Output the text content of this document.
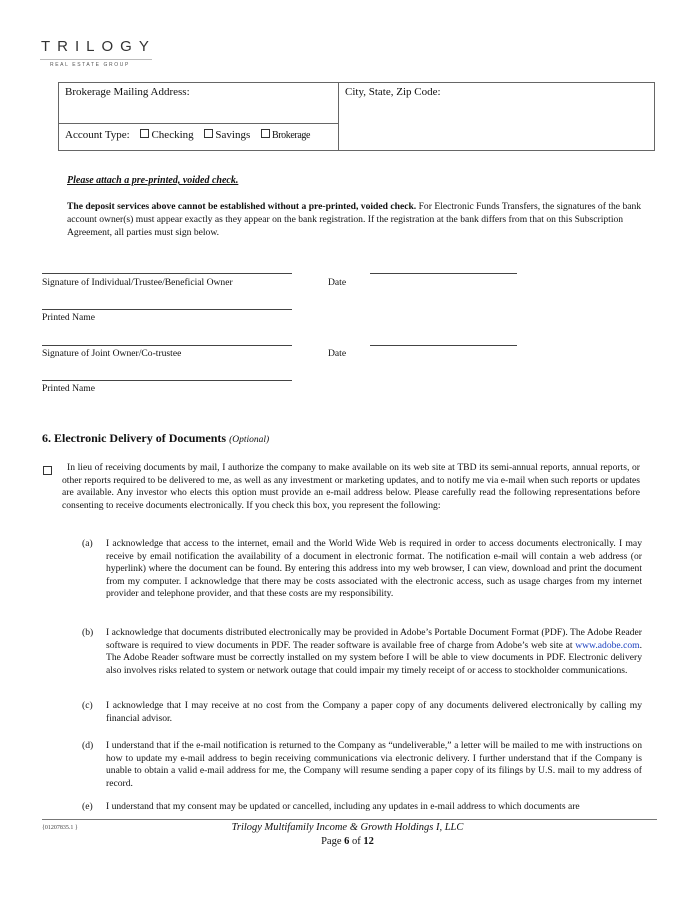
TRILOGY
REAL ESTATE GROUP
Brokerage Mailing Address:	City, State, Zip Code:
Account Type: Checking Savings Brokerage
Please attach a pre-printed, voided check.
The deposit services above cannot be established without a pre-printed, voided check. For Electronic Funds Transfers, the signatures of the bank account owner(s) must appear exactly as they appear on the bank registration. If the registration at the bank differs from that on this Subscription Agreement, all parties must sign below.
Signature of Individual/Trustee/Beneficial Owner	Date
Printed Name
Signature of Joint Owner/Co-trustee	Date
Printed Name
6. Electronic Delivery of Documents (Optional)
In lieu of receiving documents by mail, I authorize the company to make available on its web site at TBD its semi-annual reports, annual reports, or other reports required to be delivered to me, as well as any investment or marketing updates, and to notify me via e-mail when such reports or updates are available. Any investor who elects this option must provide an e-mail address below. Please carefully read the following representations before consenting to receive documents electronically. If you check this box, you represent the following:
(a) I acknowledge that access to the internet, email and the World Wide Web is required in order to access documents electronically. I may receive by email notification the availability of a document in electronic format. The notification e-mail will contain a web address (or hyperlink) where the document can be found. By entering this address into my web browser, I can view, download and print the document from my computer. I acknowledge that there may be costs associated with the electronic access, such as usage charges from my internet provider and telephone provider, and that these costs are my responsibility.
(b) I acknowledge that documents distributed electronically may be provided in Adobe’s Portable Document Format (PDF). The Adobe Reader software is required to view documents in PDF. The reader software is available free of charge from Adobe’s web site at www.adobe.com. The Adobe Reader software must be correctly installed on my system before I will be able to view documents in PDF. Electronic delivery also involves risks related to system or network outage that could impair my timely receipt of or access to stockholder communications.
(c) I acknowledge that I may receive at no cost from the Company a paper copy of any documents delivered electronically by calling my financial advisor.
(d) I understand that if the e-mail notification is returned to the Company as “undeliverable,” a letter will be mailed to me with instructions on how to update my e-mail address to begin receiving communications via electronic delivery. I further understand that if the Company is unable to obtain a valid e-mail address for me, the Company will resume sending a paper copy of its filings by U.S. mail to my address of record.
(e) I understand that my consent may be updated or cancelled, including any updates in e-mail address to which documents are
{01207835.1 }	Trilogy Multifamily Income & Growth Holdings I, LLC
Page 6 of 12
